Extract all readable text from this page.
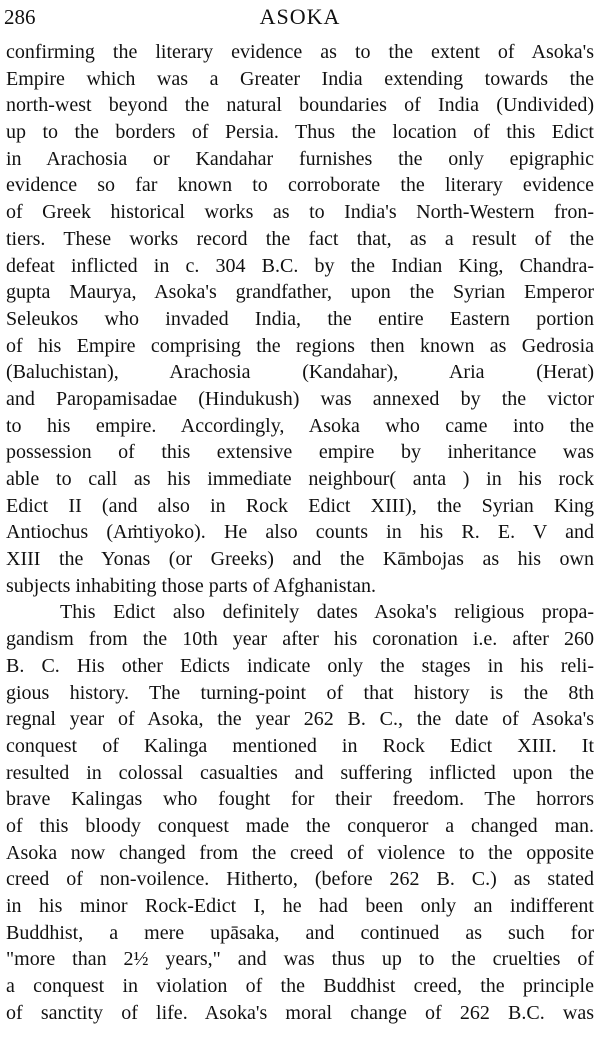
286	ASOKA

confirming the literary evidence as to the extent of Asoka's
Empire which was a Greater India extending towards the
north-west beyond the natural boundaries of India (Undivided)
up to the borders of Persia. Thus the location of this Edict
in Arachosia or Kandahar furnishes the only epigraphic
evidence so far known to corroborate the literary evidence
of Greek historical works as to India's North-Western fron-
tiers. These works record the fact that, as a result of the
defeat inflicted in c. 304 B.C. by the Indian King, Chandra-
gupta Maurya, Asoka's grandfather, upon the Syrian Emperor
Seleukos who invaded India, the entire Eastern portion
of his Empire comprising the regions then known as Gedrosia
(Baluchistan), Arachosia (Kandahar), Aria (Herat)
and Paropamisadae (Hindukush) was annexed by the victor
to his empire. Accordingly, Asoka who came into the
possession of this extensive empire by inheritance was
able to call as his immediate neighbour( anta ) in his rock
Edict II (and also in Rock Edict XIII), the Syrian King
Antiochus (Aṁtiyoko). He also counts in his R. E. V and
XIII the Yonas (or Greeks) and the Kāmbojas as his own
subjects inhabiting those parts of Afghanistan.

This Edict also definitely dates Asoka's religious propa-
gandism from the 10th year after his coronation i.e. after 260
B. C. His other Edicts indicate only the stages in his reli-
gious history. The turning-point of that history is the 8th
regnal year of Asoka, the year 262 B. C., the date of Asoka's
conquest of Kalinga mentioned in Rock Edict XIII. It
resulted in colossal casualties and suffering inflicted upon the
brave Kalingas who fought for their freedom. The horrors
of this bloody conquest made the conqueror a changed man.
Asoka now changed from the creed of violence to the opposite
creed of non-voilence. Hitherto, (before 262 B. C.) as stated
in his minor Rock-Edict I, he had been only an indifferent
Buddhist, a mere upāsaka, and continued as such for
"more than 2½ years," and was thus up to the cruelties of
a conquest in violation of the Buddhist creed, the principle
of sanctity of life. Asoka's moral change of 262 B.C. was
